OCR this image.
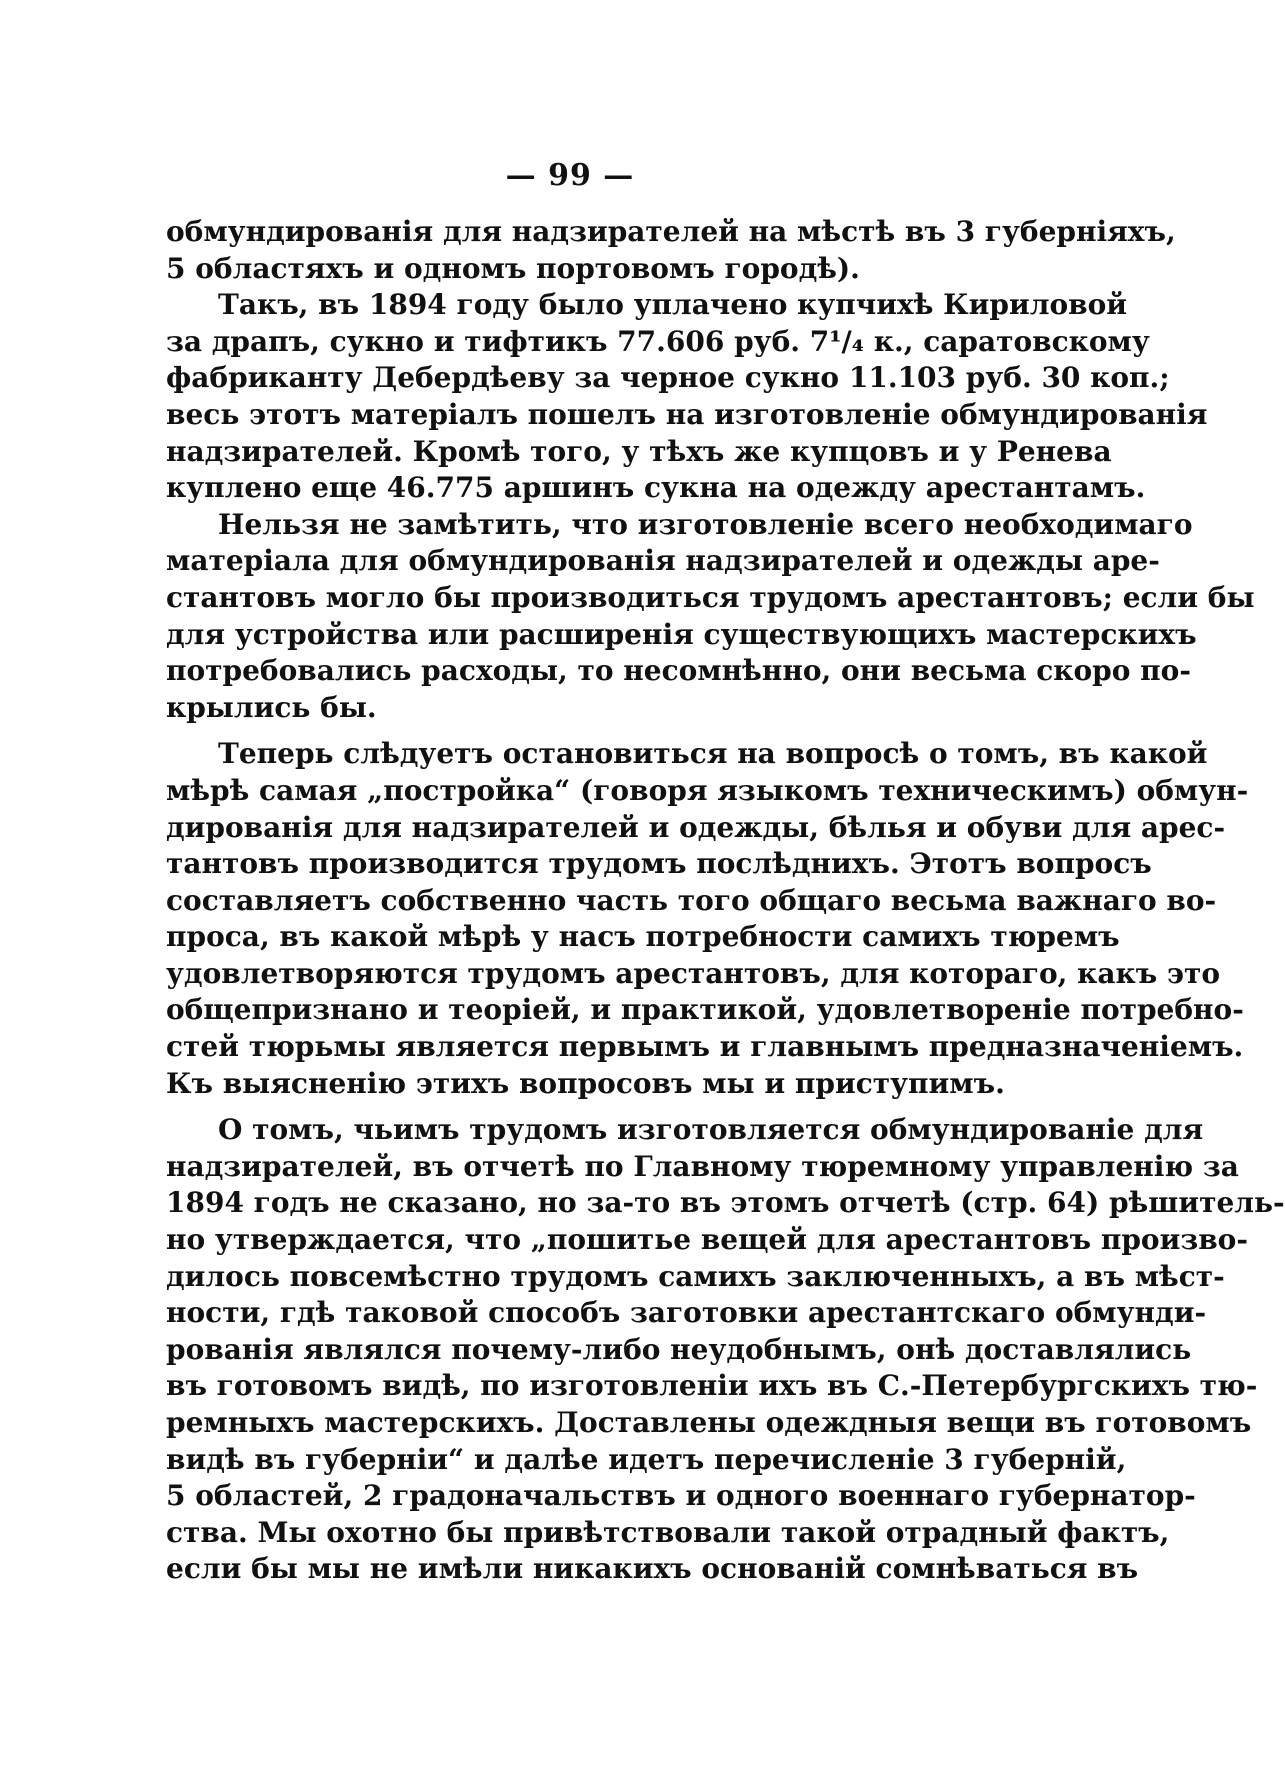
— 99 —
обмундированія для надзирателей на мѣстѣ въ 3 губерніяхъ,
5 областяхъ и одномъ портовомъ городѣ).
Такъ, въ 1894 году было уплачено купчихѣ Кириловой
за драпъ, сукно и тифтикъ 77.606 руб. 7¹/₄ к., саратовскому
фабриканту Дебердѣеву за черное сукно 11.103 руб. 30 коп.;
весь этотъ матеріалъ пошелъ на изготовленіе обмундированія
надзирателей. Кромѣ того, у тѣхъ же купцовъ и у Ренева
куплено еще 46.775 аршинъ сукна на одежду арестантамъ.
Нельзя не замѣтить, что изготовленіе всего необходимаго
матеріала для обмундированія надзирателей и одежды аре-
стантовъ могло бы производиться трудомъ арестантовъ; если бы
для устройства или расширенія существующихъ мастерскихъ
потребовались расходы, то несомнѣнно, они весьма скоро по-
крылись бы.
Теперь слѣдуетъ остановиться на вопросѣ о томъ, въ какой
мѣрѣ самая „постройка“ (говоря языкомъ техническимъ) обмун-
дированія для надзирателей и одежды, бѣлья и обуви для арес-
тантовъ производится трудомъ послѣднихъ. Этотъ вопросъ
составляетъ собственно часть того общаго весьма важнаго во-
проса, въ какой мѣрѣ у насъ потребности самихъ тюремъ
удовлетворяются трудомъ арестантовъ, для котораго, какъ это
общепризнано и теоріей, и практикой, удовлетвореніе потребно-
стей тюрьмы является первымъ и главнымъ предназначеніемъ.
Къ выясненію этихъ вопросовъ мы и приступимъ.
О томъ, чьимъ трудомъ изготовляется обмундированіе для
надзирателей, въ отчетѣ по Главному тюремному управленію за
1894 годъ не сказано, но за-то въ этомъ отчетѣ (стр. 64) рѣшитель-
но утверждается, что „пошитье вещей для арестантовъ произво-
дилось повсемѣстно трудомъ самихъ заключенныхъ, а въ мѣст-
ности, гдѣ таковой способъ заготовки арестантскаго обмунди-
рованія являлся почему-либо неудобнымъ, онѣ доставлялись
въ готовомъ видѣ, по изготовленіи ихъ въ С.-Петербургскихъ тю-
ремныхъ мастерскихъ. Доставлены одеждныя вещи въ готовомъ
видѣ въ губерніи“ и далѣе идетъ перечисленіе 3 губерній,
5 областей, 2 градоначальствъ и одного военнаго губернатор-
ства. Мы охотно бы привѣтствовали такой отрадный фактъ,
если бы мы не имѣли никакихъ основаній сомнѣваться въ
